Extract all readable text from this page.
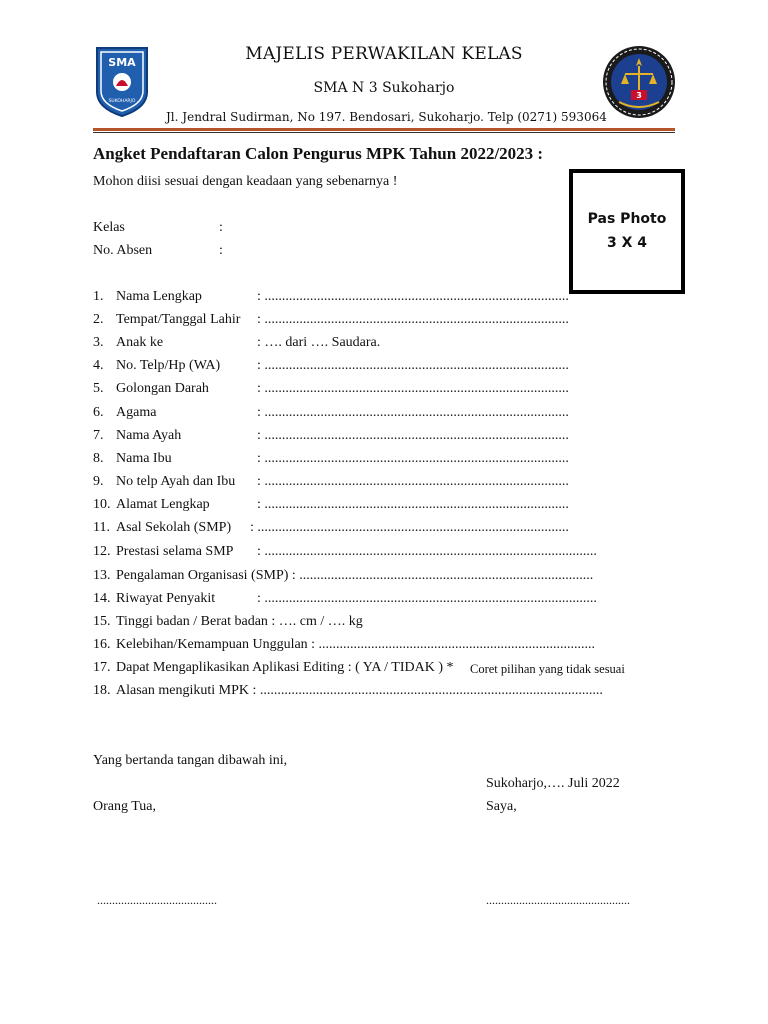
SMA
SUKOHARJO
3
MAJELIS PERWAKILAN KELAS
SMA N 3 Sukoharjo
Jl. Jendral Sudirman, No 197. Bendosari, Sukoharjo. Telp (0271) 593064
Angket Pendaftaran Calon Pengurus MPK Tahun 2022/2023 :
Mohon diisi sesuai dengan keadaan yang sebenarnya !
Pas Photo
3 X 4
Kelas	:
No. Absen	:
1. Nama Lengkap	: .......................................................................................
2. Tempat/Tanggal Lahir : .......................................................................................
3. Anak ke	: …. dari …. Saudara.
4. No. Telp/Hp (WA)	: .......................................................................................
5. Golongan Darah	: .......................................................................................
6. Agama	: .......................................................................................
7. Nama Ayah	: .......................................................................................
8. Nama Ibu	: .......................................................................................
9. No telp Ayah dan Ibu : .......................................................................................
10. Alamat Lengkap	: .......................................................................................
11. Asal Sekolah (SMP) : .........................................................................................
12. Prestasi selama SMP : ...............................................................................................
13. Pengalaman Organisasi (SMP) : ....................................................................................
14. Riwayat Penyakit	: ...............................................................................................
15. Tinggi badan / Berat badan : …. cm / …. kg
16. Kelebihan/Kemampuan Unggulan : ...............................................................................
17. Dapat Mengaplikasikan Aplikasi Editing : ( YA / TIDAK ) * Coret pilihan yang tidak sesuai
18. Alasan mengikuti MPK : ..................................................................................................
Yang bertanda tangan dibawah ini,
Sukoharjo,…. Juli 2022
Orang Tua,	Saya,
........................................	................................................
